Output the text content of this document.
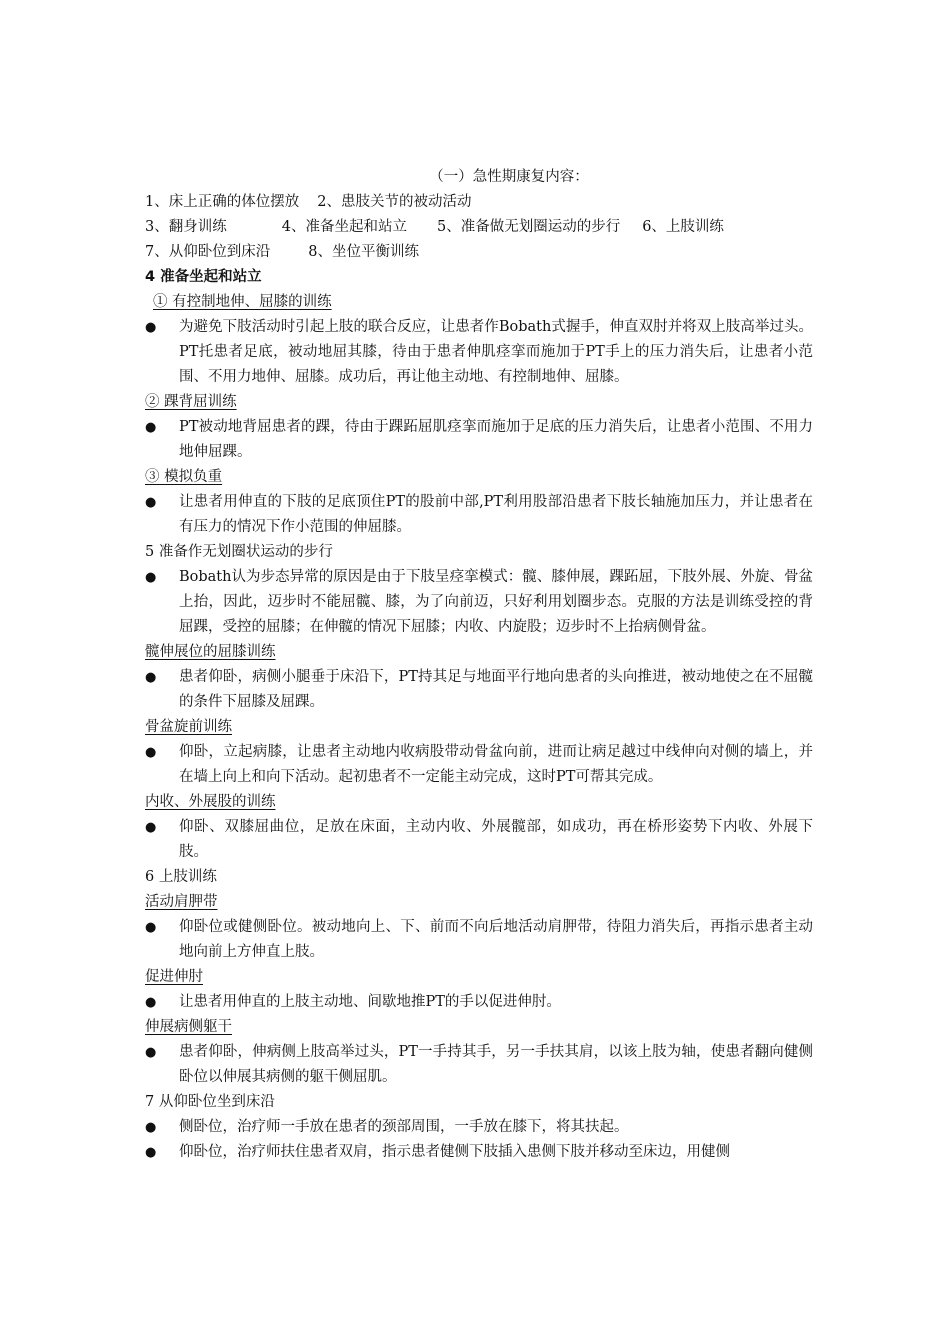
（一）急性期康复内容：
1、床上正确的体位摆放 2、患肢关节的被动活动
3、翻身训练	4、准备坐起和站立 5、准备做无划圈运动的步行 6、上肢训练
7、从仰卧位到床沿	8、坐位平衡训练
4 准备坐起和站立
① 有控制地伸、屈膝的训练
●	为避免下肢活动时引起上肢的联合反应，让患者作Bobath式握手，伸直双肘并将双上肢高举过头。PT托患者足底，被动地屈其膝，待由于患者伸肌痉挛而施加于PT手上的压力消失后，让患者小范围、不用力地伸、屈膝。成功后，再让他主动地、有控制地伸、屈膝。
② 踝背屈训练
●	PT被动地背屈患者的踝，待由于踝跖屈肌痉挛而施加于足底的压力消失后，让患者小范围、不用力地伸屈踝。
③ 模拟负重
●	让患者用伸直的下肢的足底顶住PT的股前中部,PT利用股部沿患者下肢长轴施加压力，并让患者在有压力的情况下作小范围的伸屈膝。
5 准备作无划圈状运动的步行
●	Bobath认为步态异常的原因是由于下肢呈痉挛模式：髋、膝伸展，踝跖屈，下肢外展、外旋、骨盆上抬，因此，迈步时不能屈髋、膝，为了向前迈，只好利用划圈步态。克服的方法是训练受控的背屈踝，受控的屈膝；在伸髋的情况下屈膝；内收、内旋股；迈步时不上抬病侧骨盆。
髋伸展位的屈膝训练
●	患者仰卧，病侧小腿垂于床沿下，PT持其足与地面平行地向患者的头向推进，被动地使之在不屈髋的条件下屈膝及屈踝。
骨盆旋前训练
●	仰卧，立起病膝，让患者主动地内收病股带动骨盆向前，进而让病足越过中线伸向对侧的墙上，并在墙上向上和向下活动。起初患者不一定能主动完成，这时PT可帮其完成。
内收、外展股的训练
●	仰卧、双膝屈曲位，足放在床面，主动内收、外展髋部，如成功，再在桥形姿势下内收、外展下肢。
6 上肢训练
活动肩胛带
●	仰卧位或健侧卧位。被动地向上、下、前而不向后地活动肩胛带，待阻力消失后，再指示患者主动地向前上方伸直上肢。
促进伸肘
●	让患者用伸直的上肢主动地、间歇地推PT的手以促进伸肘。
伸展病侧躯干
●	患者仰卧，伸病侧上肢高举过头，PT一手持其手，另一手扶其肩，以该上肢为轴，使患者翻向健侧卧位以伸展其病侧的躯干侧屈肌。
7 从仰卧位坐到床沿
●	侧卧位，治疗师一手放在患者的颈部周围，一手放在膝下，将其扶起。
●	仰卧位，治疗师扶住患者双肩，指示患者健侧下肢插入患侧下肢并移动至床边，用健侧
